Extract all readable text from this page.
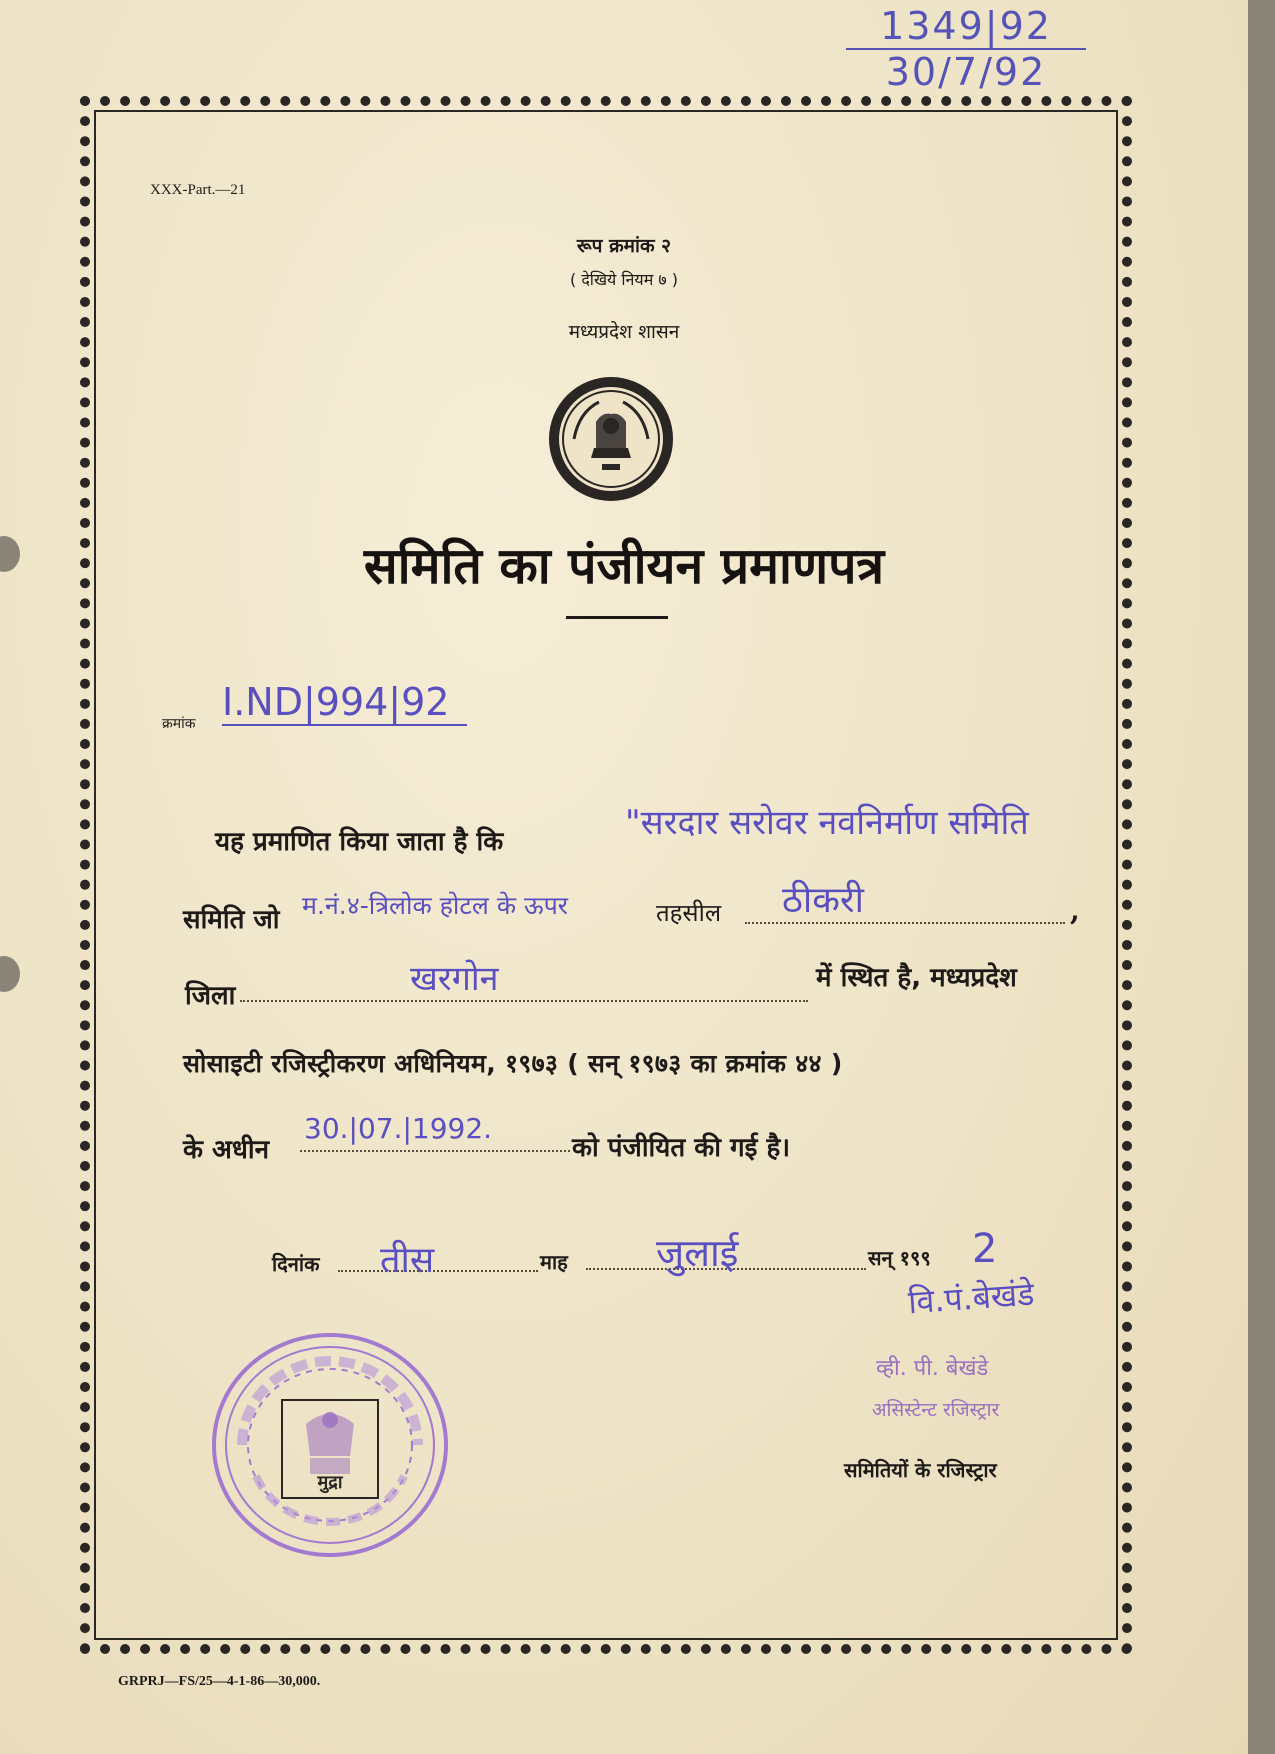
1349|92
30/7/92
XXX-Part.—21
रूप क्रमांक २
( देखिये नियम ७ )
मध्यप्रदेश शासन
समिति का पंजीयन प्रमाणपत्र
क्रमांक I.ND|994|92
यह प्रमाणित किया जाता है कि	"सरदार सरोवर नवनिर्माण समिति
समिति जो म.नं.४-त्रिलोक होटल के ऊपर	तहसील ठीकरी	,
जिला	खरगोन	में स्थित है, मध्यप्रदेश
सोसाइटी रजिस्ट्रीकरण अधिनियम, १९७३ ( सन् १९७३ का क्रमांक ४४ )
के अधीन
30.|07.|1992.
को पंजीयित की गई है।
दिनांक तीस	माह जुलाई	सन् १९९ 2
वि.पं.बेखंडे
व्ही. पी. बेखंडे
असिस्टेन्ट रजिस्ट्रार
समितियों के रजिस्ट्रार
मुद्रा
GRPRJ—FS/25—4-1-86—30,000.
